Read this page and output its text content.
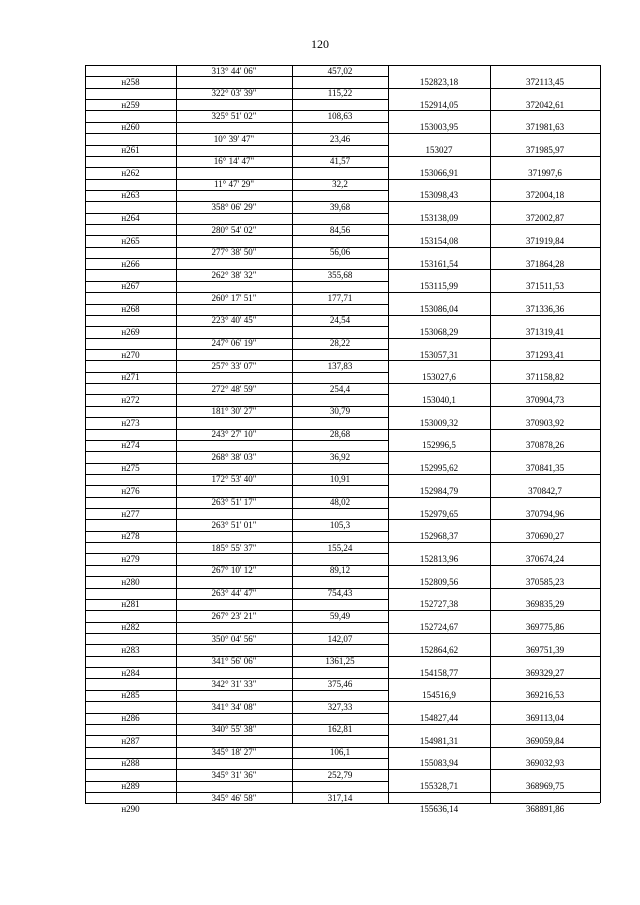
120
313° 44' 06"	457,02
н258	152823,18	372113,45
322° 03' 39"	115,22
н259	152914,05	372042,61
325° 51' 02"	108,63
н260	153003,95	371981,63
10° 39' 47"	23,46
н261	153027	371985,97
16° 14' 47"	41,57
н262	153066,91	371997,6
11° 47' 29"	32,2
н263	153098,43	372004,18
358° 06' 29"	39,68
н264	153138,09	372002,87
280° 54' 02"	84,56
н265	153154,08	371919,84
277° 38' 50"	56,06
н266	153161,54	371864,28
262° 38' 32"	355,68
н267	153115,99	371511,53
260° 17' 51"	177,71
н268	153086,04	371336,36
223° 40' 45"	24,54
н269	153068,29	371319,41
247° 06' 19"	28,22
н270	153057,31	371293,41
257° 33' 07"	137,83
н271	153027,6	371158,82
272° 48' 59"	254,4
н272	153040,1	370904,73
181° 30' 27"	30,79
н273	153009,32	370903,92
243° 27' 10"	28,68
н274	152996,5	370878,26
268° 38' 03"	36,92
н275	152995,62	370841,35
172° 53' 40"	10,91
н276	152984,79	370842,7
263° 51' 17"	48,02
н277	152979,65	370794,96
263° 51' 01"	105,3
н278	152968,37	370690,27
185° 55' 37"	155,24
н279	152813,96	370674,24
267° 10' 12"	89,12
н280	152809,56	370585,23
263° 44' 47"	754,43
н281	152727,38	369835,29
267° 23' 21"	59,49
н282	152724,67	369775,86
350° 04' 56"	142,07
н283	152864,62	369751,39
341° 56' 06"	1361,25
н284	154158,77	369329,27
342° 31' 33"	375,46
н285	154516,9	369216,53
341° 34' 08"	327,33
н286	154827,44	369113,04
340° 55' 38"	162,81
н287	154981,31	369059,84
345° 18' 27"	106,1
н288	155083,94	369032,93
345° 31' 36"	252,79
н289	155328,71	368969,75
345° 46' 58"	317,14
н290	155636,14	368891,86
